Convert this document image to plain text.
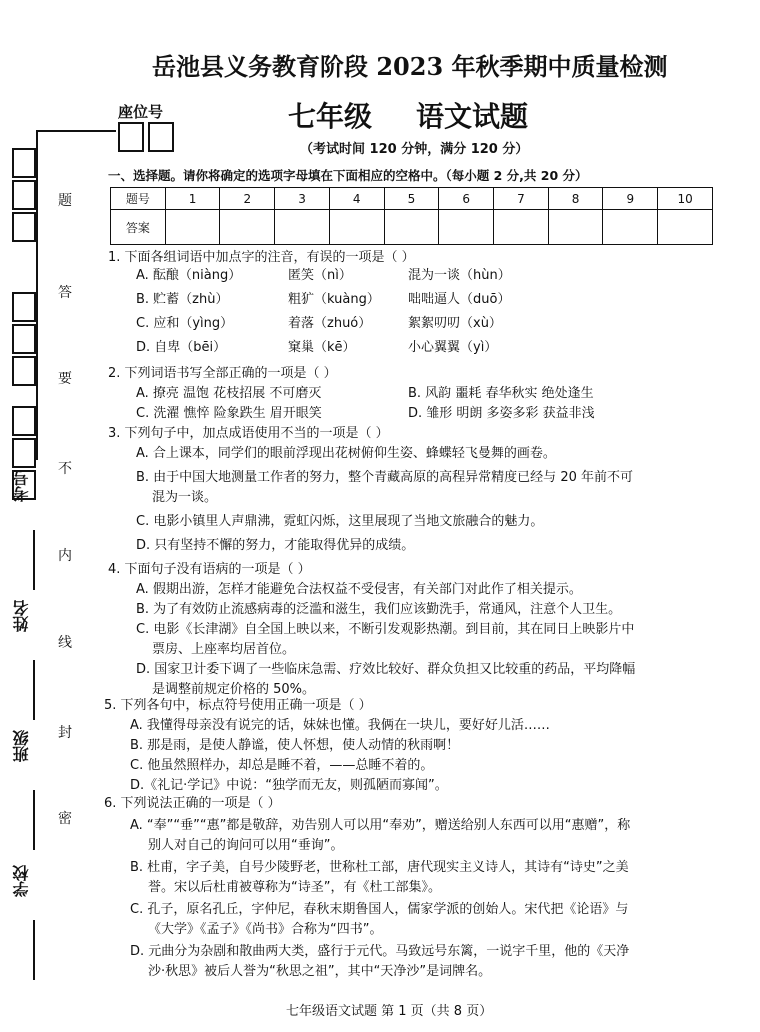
考号
姓名
班级
学校
题
答
要
不
内
线
封
密
座位号
岳池县义务教育阶段 2023 年秋季期中质量检测
七年级 语文试题
（考试时间 120 分钟，满分 120 分）
一、选择题。请你将确定的选项字母填在下面相应的空格中。（每小题 2 分,共 20 分）
题号	1	2	3	4	5	6	7	8	9	10
答案										
1. 下面各组词语中加点字的注音，有误的一项是（ ）
A. 酝酿（niàng）	匿笑（nì）	混为一谈（hùn）
B. 贮蓄（zhù）	粗犷（kuàng） 咄咄逼人（duō）
C. 应和（yìng）	着落（zhuó）	絮絮叨叨（xù）
D. 自卑（bēi）	窠巢（kē）	小心翼翼（yì）
2. 下列词语书写全部正确的一项是（ ）
A. 撩亮 温饱 花枝招展 不可磨灭	B. 风韵 噩耗 春华秋实 绝处逢生
C. 洗濯 憔悴 险象跌生 眉开眼笑	D. 雏形 明朗 多姿多彩 获益非浅
3. 下列句子中，加点成语使用不当的一项是（ ）
A. 合上课本，同学们的眼前浮现出花树俯仰生姿、蜂蝶轻飞曼舞的画卷。
B. 由于中国大地测量工作者的努力，整个青藏高原的高程异常精度已经与 20 年前不可
混为一谈。
C. 电影小镇里人声鼎沸，霓虹闪烁，这里展现了当地文旅融合的魅力。
D. 只有坚持不懈的努力，才能取得优异的成绩。
4. 下面句子没有语病的一项是（ ）
A. 假期出游，怎样才能避免合法权益不受侵害，有关部门对此作了相关提示。
B. 为了有效防止流感病毒的泛滥和滋生，我们应该勤洗手，常通风，注意个人卫生。
C. 电影《长津湖》自全国上映以来，不断引发观影热潮。到目前，其在同日上映影片中
票房、上座率均居首位。
D. 国家卫计委下调了一些临床急需、疗效比较好、群众负担又比较重的药品，平均降幅
是调整前规定价格的 50%。
5. 下列各句中，标点符号使用正确一项是（ ）
A. 我懂得母亲没有说完的话，妹妹也懂。我俩在一块儿，要好好儿活……
B. 那是雨，是使人静谧，使人怀想，使人动情的秋雨啊！
C. 他虽然照样办，却总是睡不着，——总睡不着的。
D.《礼记·学记》中说：“独学而无友，则孤陋而寡闻”。
6. 下列说法正确的一项是（ ）
A. “奉”“垂”“惠”都是敬辞，劝告别人可以用“奉劝”，赠送给别人东西可以用“惠赠”，称
别人对自己的询问可以用“垂询”。
B. 杜甫，字子美，自号少陵野老，世称杜工部，唐代现实主义诗人，其诗有“诗史”之美
誉。宋以后杜甫被尊称为“诗圣”，有《杜工部集》。
C. 孔子，原名孔丘，字仲尼，春秋末期鲁国人，儒家学派的创始人。宋代把《论语》与
《大学》《孟子》《尚书》合称为“四书”。
D. 元曲分为杂剧和散曲两大类，盛行于元代。马致远号东篱，一说字千里，他的《天净
沙·秋思》被后人誉为“秋思之祖”，其中“天净沙”是词牌名。
七年级语文试题 第 1 页（共 8 页）
